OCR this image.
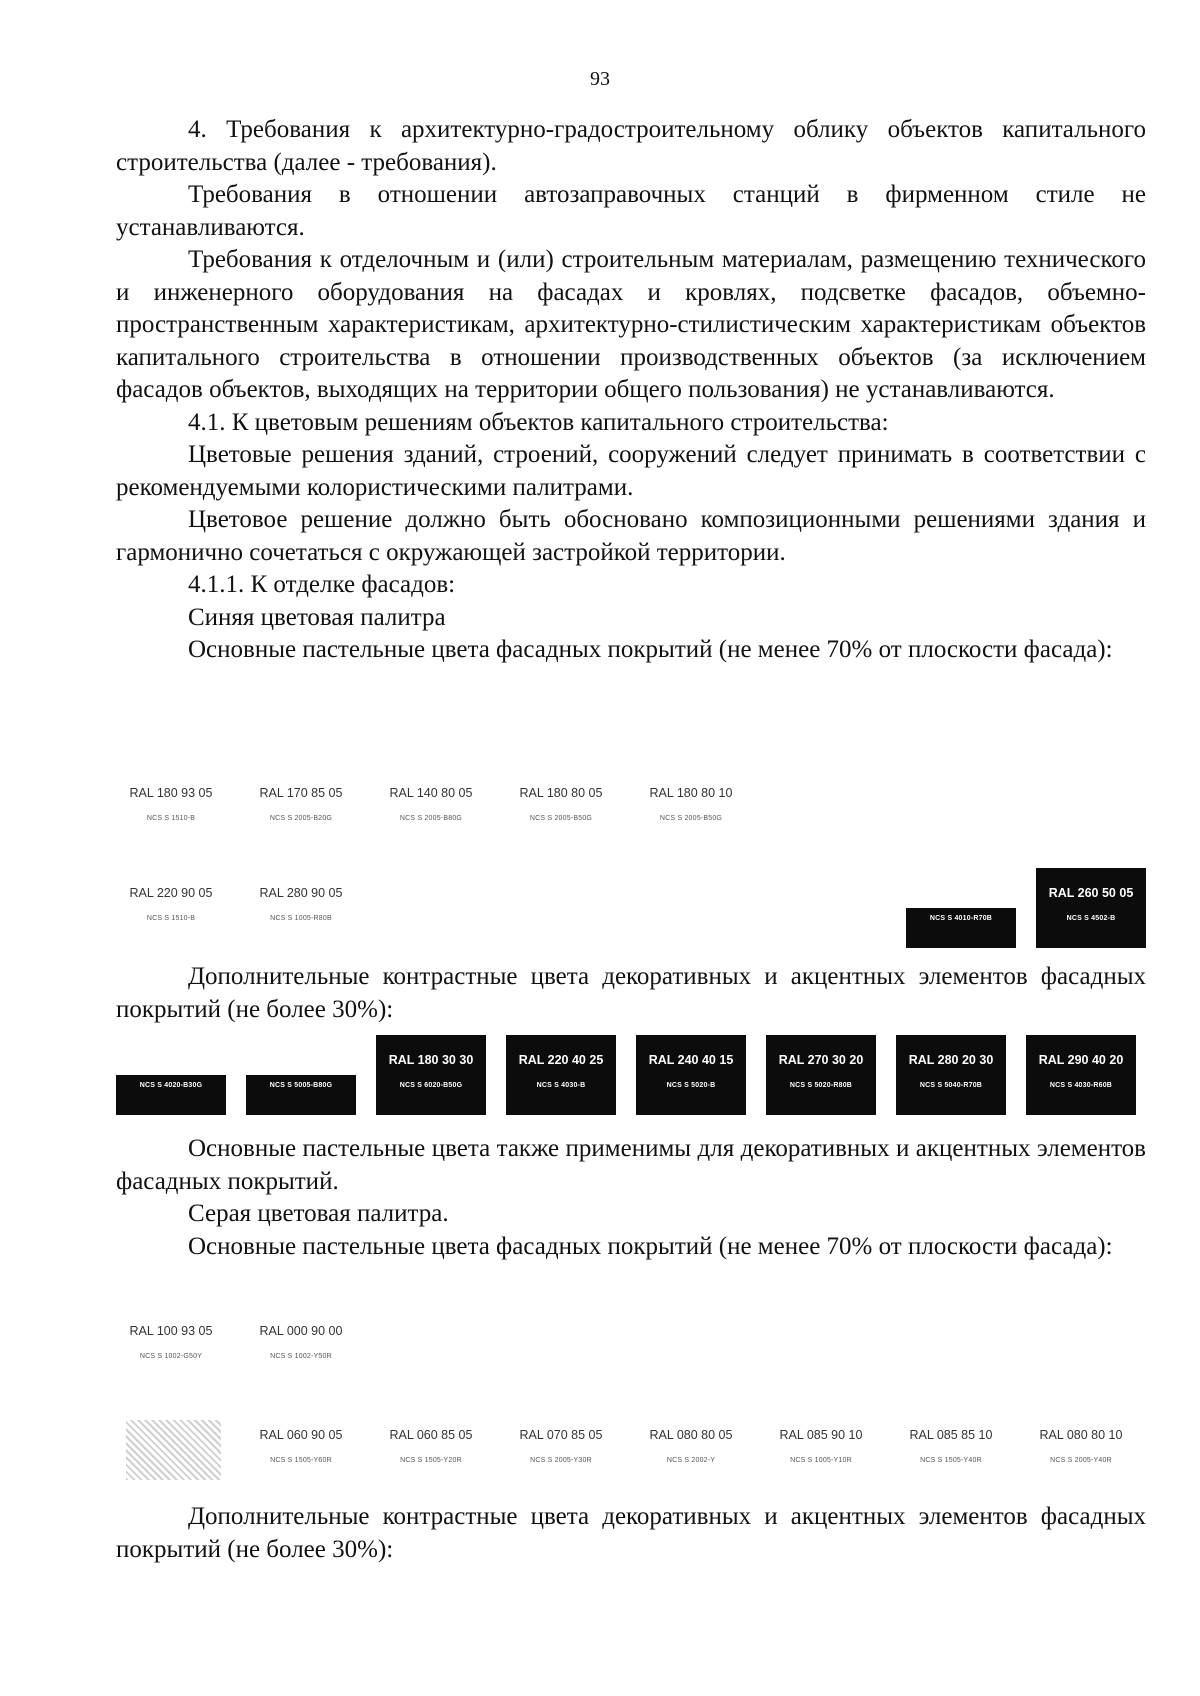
93

4. Требования к архитектурно-градостроительному облику объектов капитального строительства (далее - требования).

Требования в отношении автозаправочных станций в фирменном стиле не устанавливаются.

Требования к отделочным и (или) строительным материалам, размещению технического и инженерного оборудования на фасадах и кровлях, подсветке фасадов, объемно-пространственным характеристикам, архитектурно-стилистическим характеристикам объектов капитального строительства в отношении производственных объектов (за исключением фасадов объектов, выходящих на территории общего пользования) не устанавливаются.

4.1. К цветовым решениям объектов капитального строительства:

Цветовые решения зданий, строений, сооружений следует принимать в соответствии с рекомендуемыми колористическими палитрами.

Цветовое решение должно быть обосновано композиционными решениями здания и гармонично сочетаться с окружающей застройкой территории.

4.1.1. К отделке фасадов:

Синяя цветовая палитра

Основные пастельные цвета фасадных покрытий (не менее 70% от плоскости фасада):

RAL 180 93 05
NCS S 1510-B
RAL 170 85 05
NCS S 2005-B20G
RAL 140 80 05
NCS S 2005-B80G
RAL 180 80 05
NCS S 2005-B50G
RAL 180 80 10
NCS S 2005-B50G
RAL 220 90 05
NCS S 1510-B
RAL 280 90 05
NCS S 1005-R80B	NCS S 4010-R70B
RAL 260 50 05
NCS S 4502-B

Дополнительные контрастные цвета декоративных и акцентных элементов фасадных покрытий (не более 30%):

NCS S 4020-B30G	NCS S 5005-B80G
RAL 180 30 30
NCS S 6020-B50G
RAL 220 40 25
NCS S 4030-B
RAL 240 40 15
NCS S 5020-B
RAL 270 30 20
NCS S 5020-R80B
RAL 280 20 30
NCS S 5040-R70B
RAL 290 40 20
NCS S 4030-R60B

Основные пастельные цвета также применимы для декоративных и акцентных элементов фасадных покрытий.

Серая цветовая палитра.

Основные пастельные цвета фасадных покрытий (не менее 70% от плоскости фасада):

RAL 100 93 05
NCS S 1002-G50Y
RAL 000 90 00
NCS S 1002-Y50R
RAL 060 90 05
NCS S 1505-Y60R
RAL 060 85 05
NCS S 1505-Y20R
RAL 070 85 05
NCS S 2005-Y30R
RAL 080 80 05
NCS S 2002-Y
RAL 085 90 10
NCS S 1005-Y10R
RAL 085 85 10
NCS S 1505-Y40R
RAL 080 80 10
NCS S 2005-Y40R

Дополнительные контрастные цвета декоративных и акцентных элементов фасадных покрытий (не более 30%):
